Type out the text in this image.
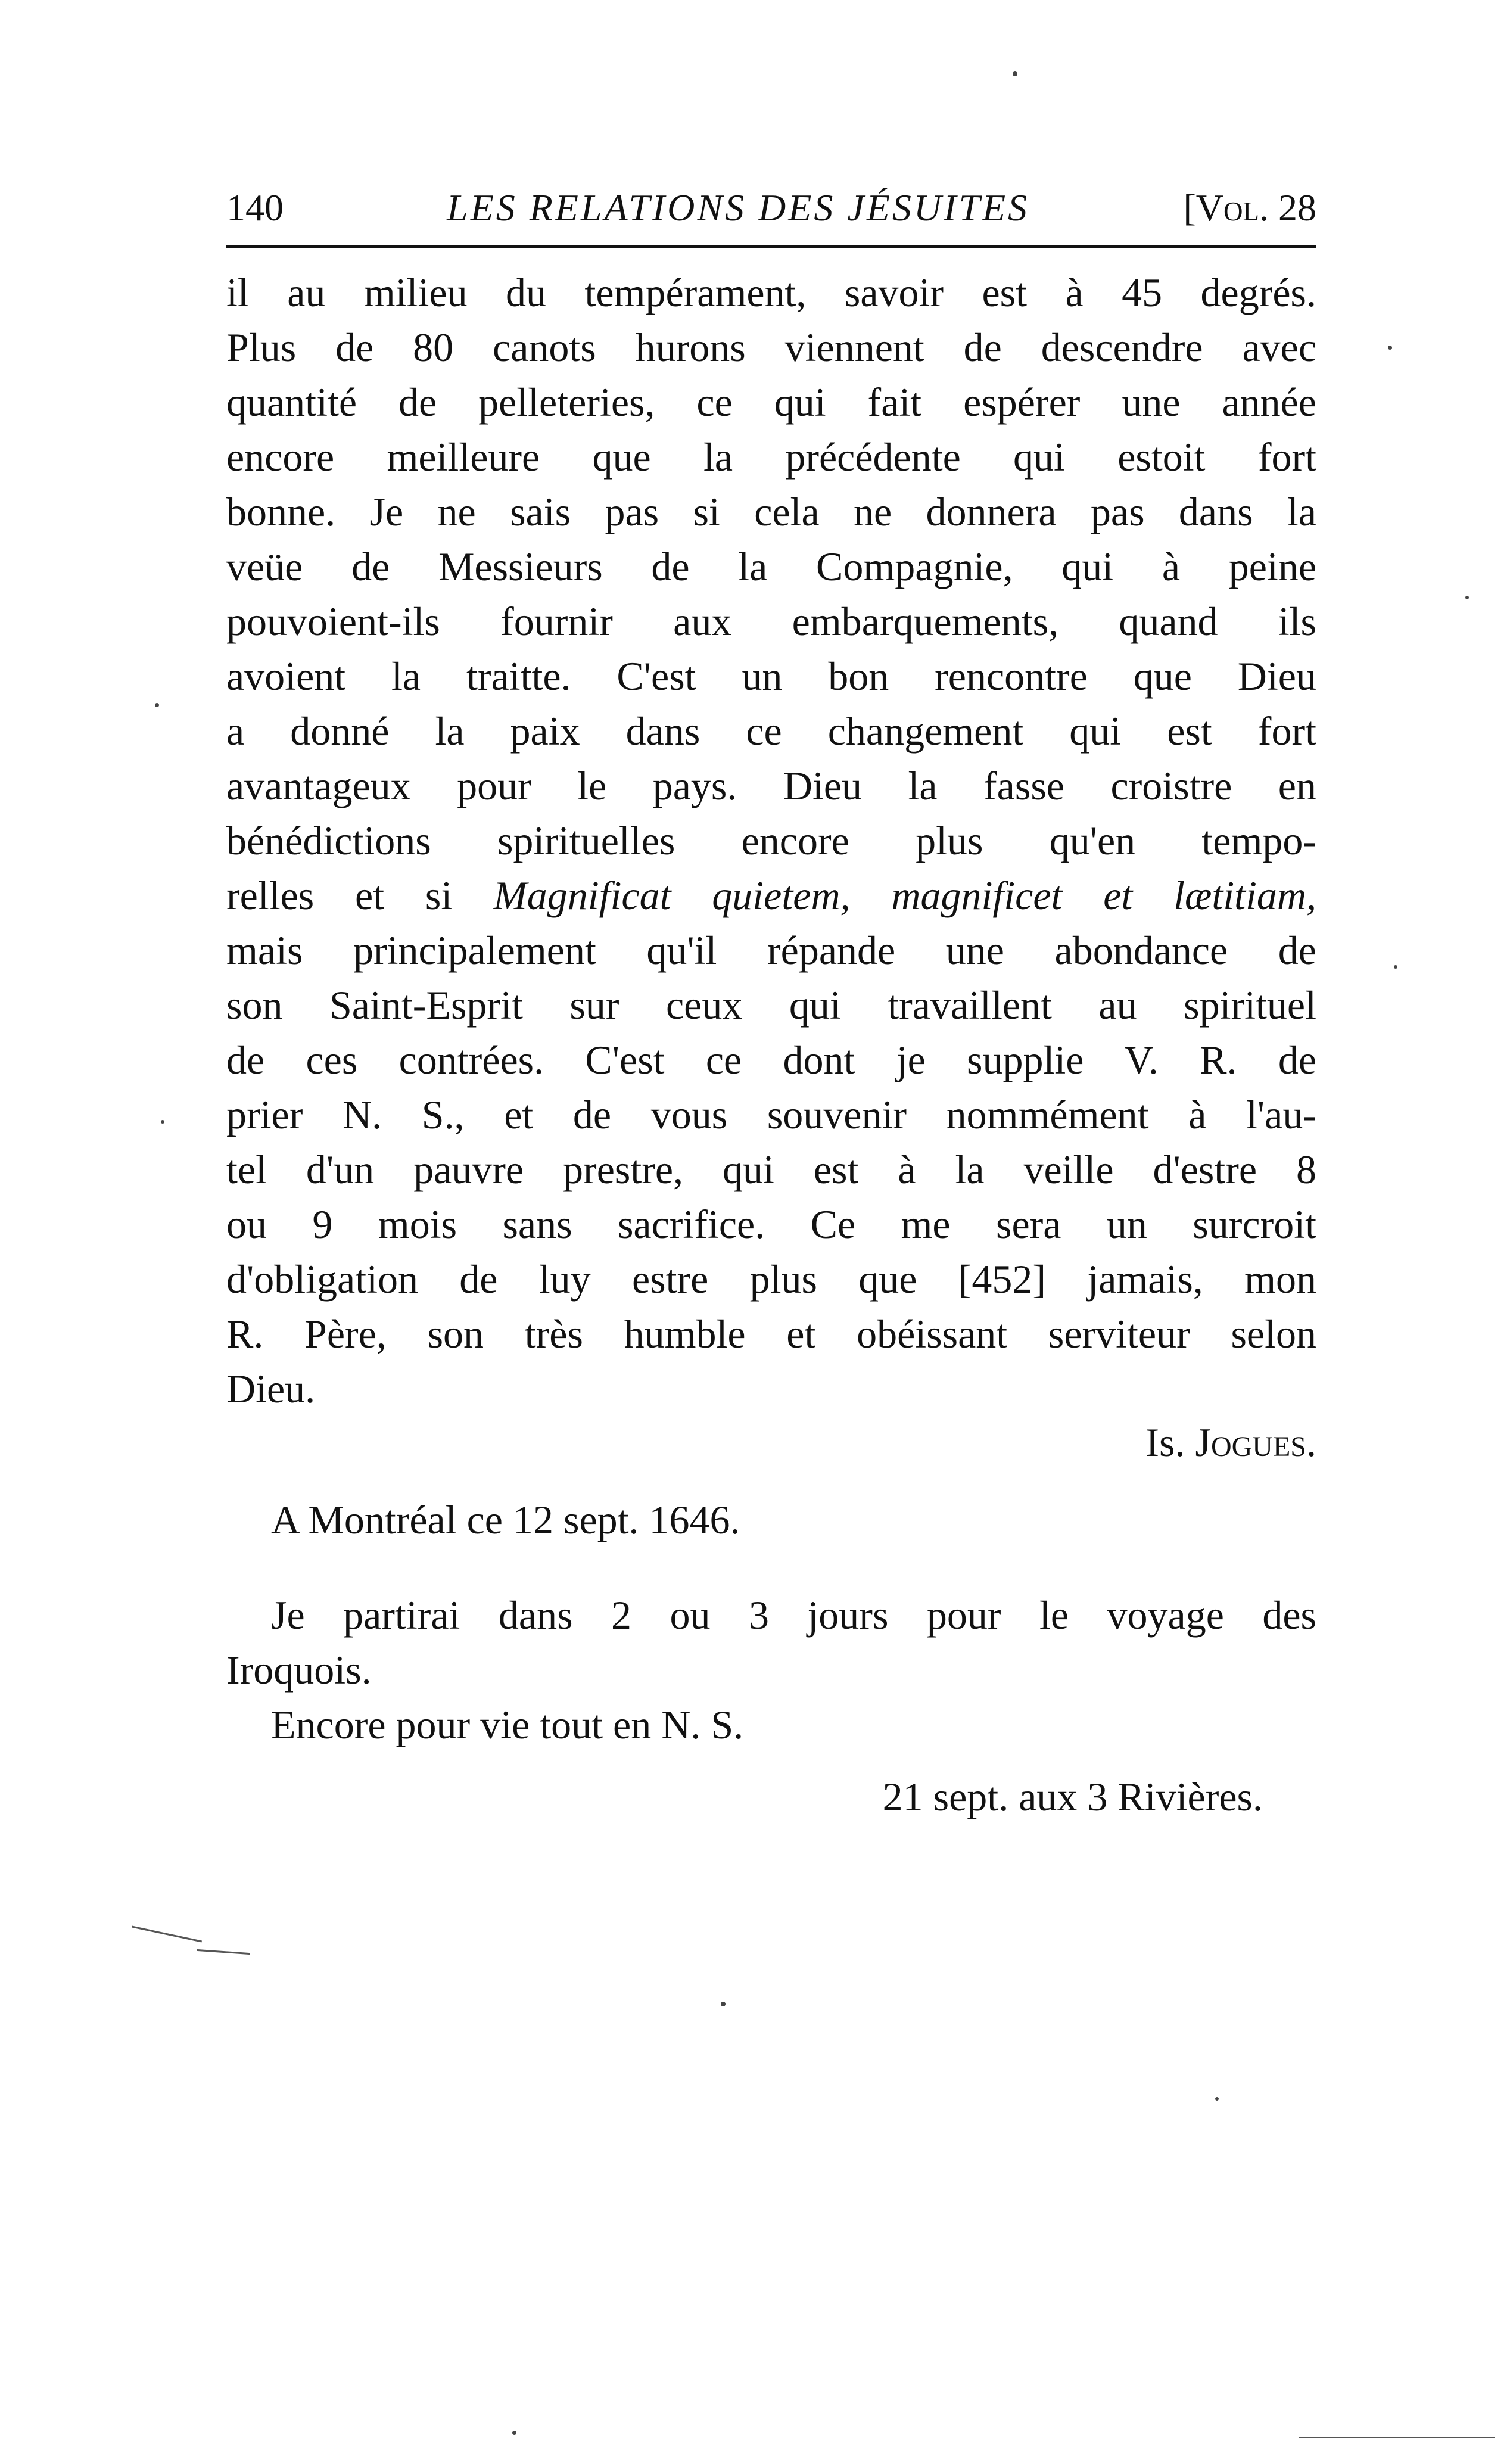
140	LES RELATIONS DES JÉSUITES	[Vol. 28
il au milieu du tempérament, savoir est à 45 degrés.
Plus de 80 canots hurons viennent de descendre avec
quantité de pelleteries, ce qui fait espérer une année
encore meilleure que la précédente qui estoit fort
bonne. Je ne sais pas si cela ne donnera pas dans la
veüe de Messieurs de la Compagnie, qui à peine
pouvoient-ils fournir aux embarquements, quand ils
avoient la traitte. C'est un bon rencontre que Dieu
a donné la paix dans ce changement qui est fort
avantageux pour le pays. Dieu la fasse croistre en
bénédictions spirituelles encore plus qu'en tempo-
relles et si Magnificat quietem, magnificet et lætitiam,
mais principalement qu'il répande une abondance de
son Saint-Esprit sur ceux qui travaillent au spirituel
de ces contrées. C'est ce dont je supplie V. R. de
prier N. S., et de vous souvenir nommément à l'au-
tel d'un pauvre prestre, qui est à la veille d'estre 8
ou 9 mois sans sacrifice. Ce me sera un surcroit
d'obligation de luy estre plus que [452] jamais, mon
R. Père, son très humble et obéissant serviteur selon
Dieu.
Is. Jogues.
A Montréal ce 12 sept. 1646.
Je partirai dans 2 ou 3 jours pour le voyage des
Iroquois.
Encore pour vie tout en N. S.
21 sept. aux 3 Rivières.
